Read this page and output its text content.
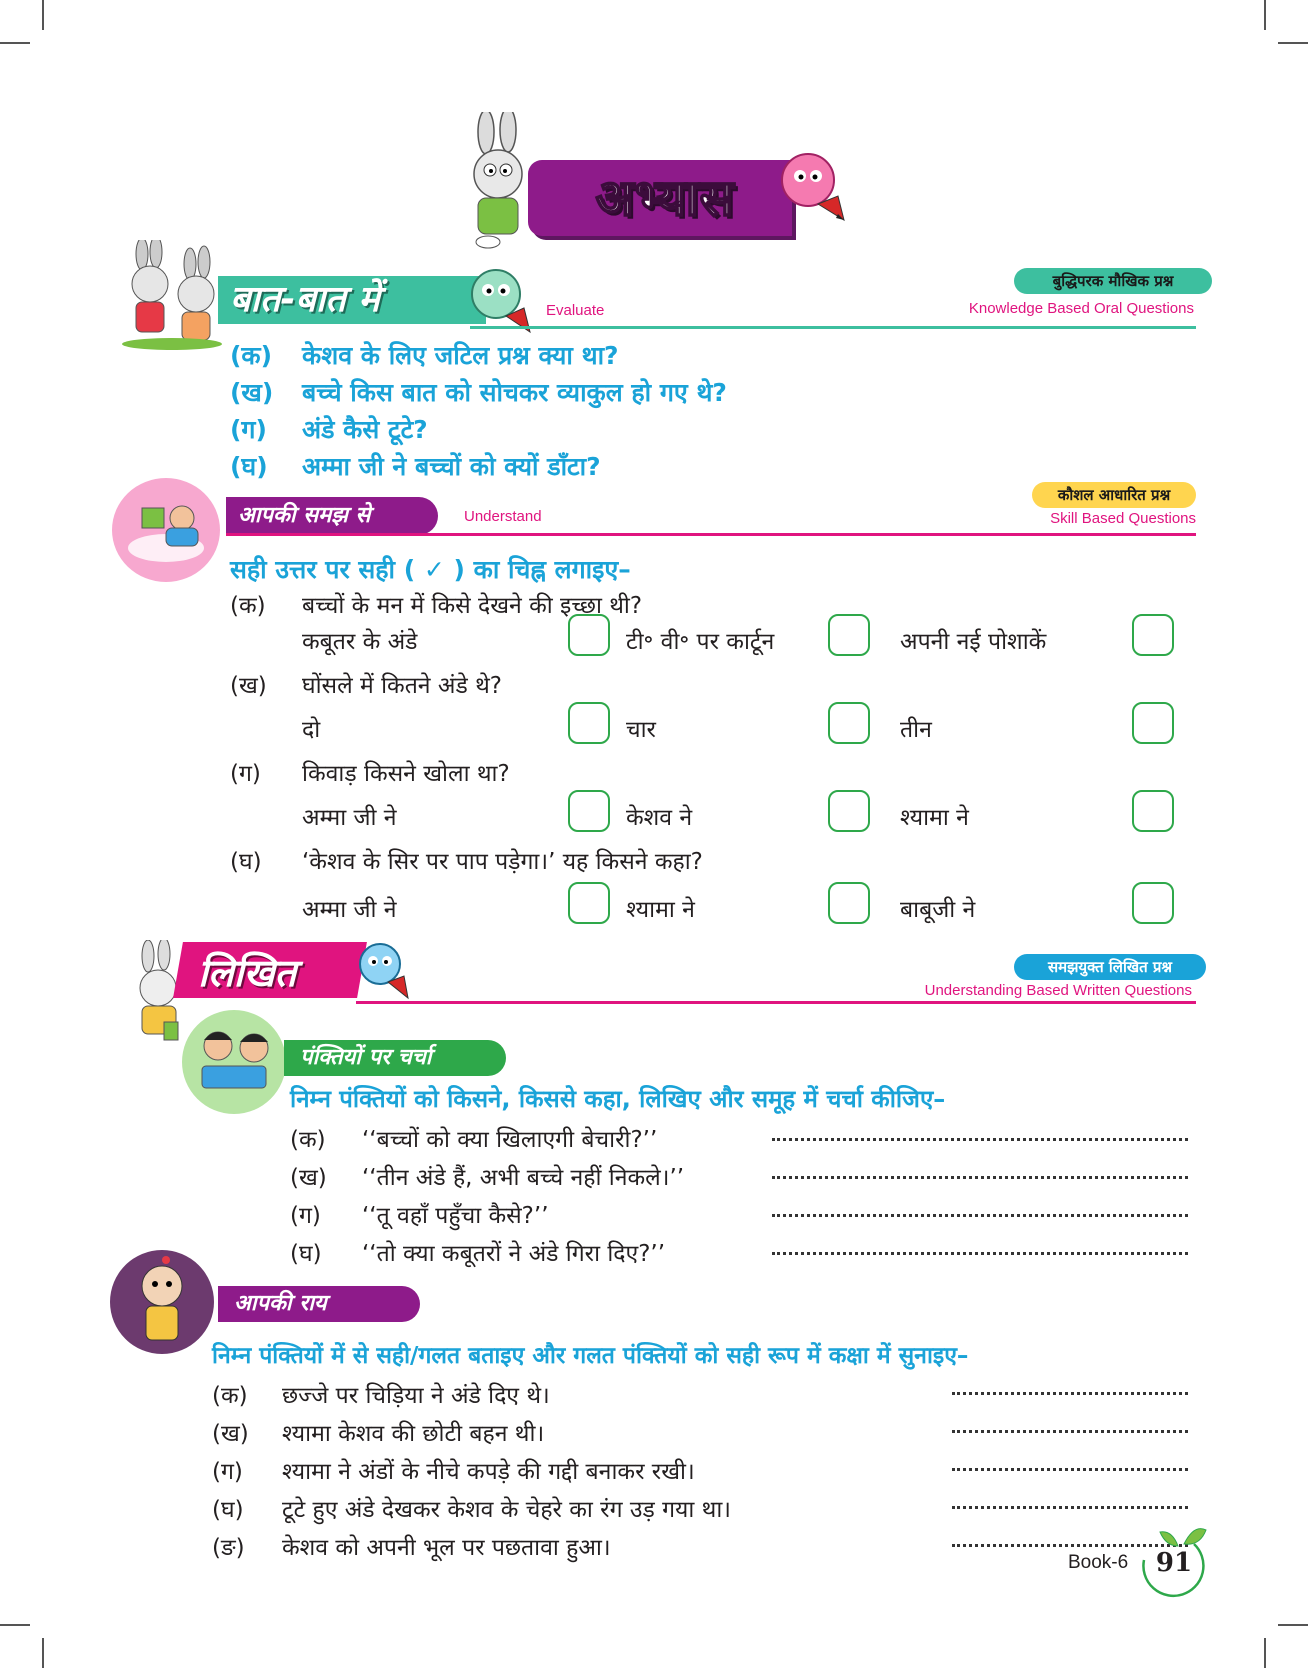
अभ्यास
बात-बात में	Evaluate
बुद्धिपरक मौखिक प्रश्न
Knowledge Based Oral Questions
(क) केशव के लिए जटिल प्रश्न क्या था?
(ख) बच्चे किस बात को सोचकर व्याकुल हो गए थे?
(ग) अंडे कैसे टूटे?
(घ) अम्मा जी ने बच्चों को क्यों डाँटा?
आपकी समझ से	Understand
कौशल आधारित प्रश्न
Skill Based Questions
सही उत्तर पर सही ( ✓ ) का चिह्न लगाइए–
(क) बच्चों के मन में किसे देखने की इच्छा थी?
कबूतर के अंडे	टी॰ वी॰ पर कार्टून	अपनी नई पोशाकें
(ख) घोंसले में कितने अंडे थे?
दो	चार	तीन
(ग) किवाड़ किसने खोला था?
अम्मा जी ने	केशव ने	श्यामा ने
(घ) ‘केशव के सिर पर पाप पड़ेगा।’ यह किसने कहा?
अम्मा जी ने	श्यामा ने	बाबूजी ने
लिखित	समझयुक्त लिखित प्रश्न
Understanding Based Written Questions
पंक्तियों पर चर्चा
निम्न पंक्तियों को किसने, किससे कहा, लिखिए और समूह में चर्चा कीजिए–
(क) ‘‘बच्चों को क्या खिलाएगी बेचारी?’’
(ख) ‘‘तीन अंडे हैं, अभी बच्चे नहीं निकले।’’
(ग) ‘‘तू वहाँ पहुँचा कैसे?’’
(घ) ‘‘तो क्या कबूतरों ने अंडे गिरा दिए?’’
आपकी राय
निम्न पंक्तियों में से सही/गलत बताइए और गलत पंक्तियों को सही रूप में कक्षा में सुनाइए–
(क) छज्जे पर चिड़िया ने अंडे दिए थे।
(ख) श्यामा केशव की छोटी बहन थी।
(ग) श्यामा ने अंडों के नीचे कपड़े की गद्दी बनाकर रखी।
(घ) टूटे हुए अंडे देखकर केशव के चेहरे का रंग उड़ गया था।
(ङ) केशव को अपनी भूल पर पछतावा हुआ।
Book-6	91
